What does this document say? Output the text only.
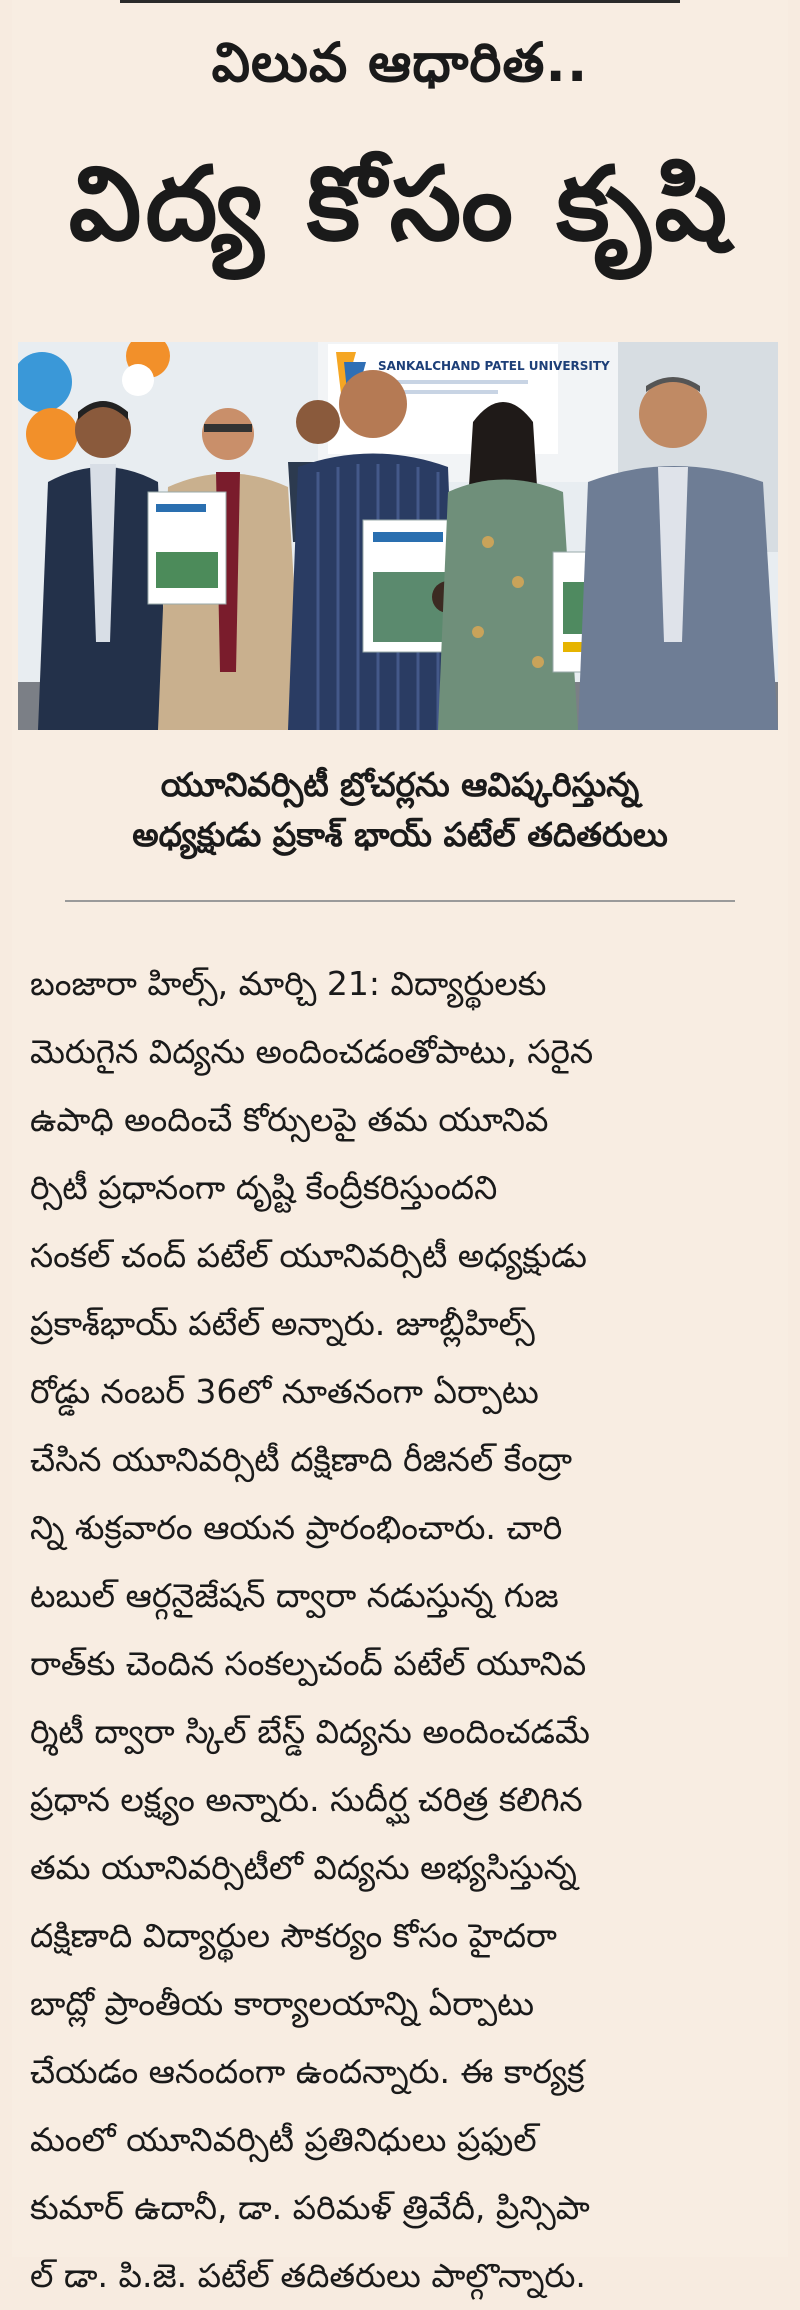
విలువ ఆధారిత..
విద్య కోసం కృషి
SANKALCHAND PATEL UNIVERSITY
యూనివర్సిటీ బ్రోచర్లను ఆవిష్కరిస్తున్న
అధ్యక్షుడు ప్రకాశ్ భాయ్ పటేల్ తదితరులు
బంజారా హిల్స్, మార్చి 21: విద్యార్థులకు
మెరుగైన విద్యను అందించడంతోపాటు, సరైన
ఉపాధి అందించే కోర్సులపై తమ యూనివ
ర్సిటీ ప్రధానంగా దృష్టి కేంద్రీకరిస్తుందని
సంకల్ చంద్ పటేల్ యూనివర్సిటీ అధ్యక్షుడు
ప్రకాశ్‌భాయ్ పటేల్ అన్నారు. జూబ్లీహిల్స్
రోడ్డు నంబర్ 36లో నూతనంగా ఏర్పాటు
చేసిన యూనివర్సిటీ దక్షిణాది రీజినల్ కేంద్రా
న్ని శుక్రవారం ఆయన ప్రారంభించారు. చారి
టబుల్ ఆర్గనైజేషన్ ద్వారా నడుస్తున్న గుజ
రాత్‌కు చెందిన సంకల్పచంద్ పటేల్ యూనివ
ర్శిటీ ద్వారా స్కిల్ బేస్డ్ విద్యను అందించడమే
ప్రధాన లక్ష్యం అన్నారు. సుదీర్ఘ చరిత్ర కలిగిన
తమ యూనివర్సిటీలో విద్యను అభ్యసిస్తున్న
దక్షిణాది విద్యార్థుల సౌకర్యం కోసం హైదరా
బాద్లో ప్రాంతీయ కార్యాలయాన్ని ఏర్పాటు
చేయడం ఆనందంగా ఉందన్నారు. ఈ కార్యక్ర
మంలో యూనివర్సిటీ ప్రతినిధులు ప్రఫుల్
కుమార్ ఉదానీ, డా. పరిమళ్ త్రివేదీ, ప్రిన్సిపా
ల్ డా. పి.జె. పటేల్ తదితరులు పాల్గొన్నారు.
